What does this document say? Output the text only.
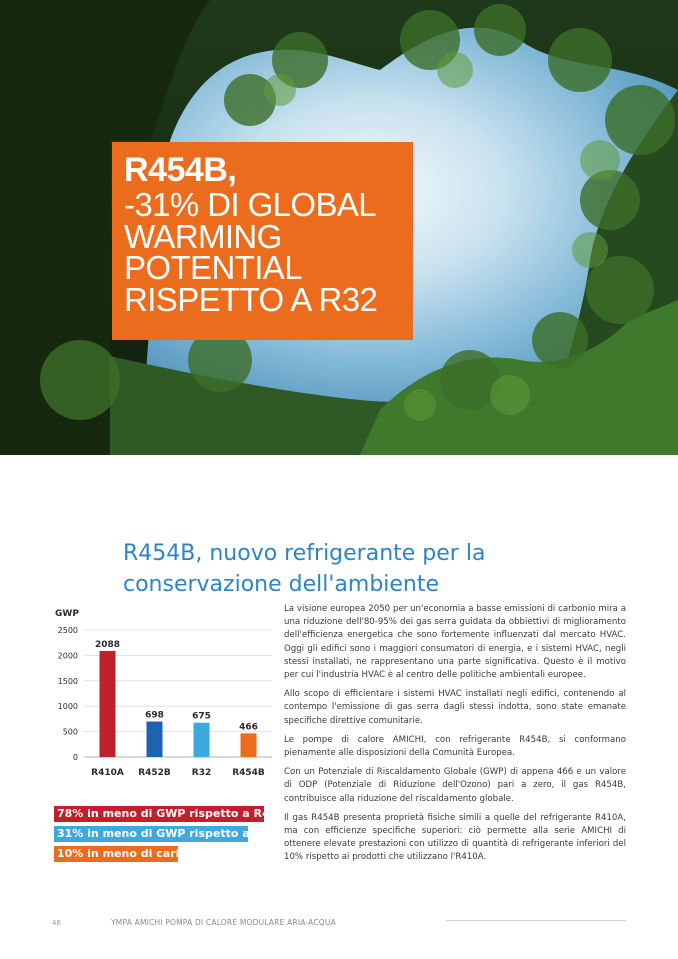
R454B,
-31% DI GLOBAL
WARMING
POTENTIAL
RISPETTO A R32
R454B, nuovo refrigerante per la conservazione dell'ambiente
GWP
0
500
1000
1500
2000
2500
2088
R410A
698
R452B
675
R32
466
R454B
78% in meno di GWP rispetto a R410A
31% in meno di GWP rispetto a R32
10% in meno di carica

La visione europea 2050 per un'economia a basse emissioni di carbonio mira a una riduzione dell'80-95% dei gas serra guidata da obbiettivi di miglioramento dell'efficienza energetica che sono fortemente influenzati dal mercato HVAC. Oggi gli edifici sono i maggiori consumatori di energia, e i sistemi HVAC, negli stessi installati, ne rappresentano una parte significativa. Questo è il motivo per cui l'industria HVAC è al centro delle politiche ambientali europee.

Allo scopo di efficientare i sistemi HVAC installati negli edifici, contenendo al contempo l'emissione di gas serra dagli stessi indotta, sono state emanate specifiche direttive comunitarie.

Le pompe di calore AMICHI, con refrigerante R454B, si conformano pienamente alle disposizioni della Comunità Europea.

Con un Potenziale di Riscaldamento Globale (GWP) di appena 466 e un valore di ODP (Potenziale di Riduzione dell'Ozono) pari a zero, il gas R454B, contribuisce alla riduzione del riscaldamento globale.

Il gas R454B presenta proprietà fisiche simili a quelle del refrigerante R410A, ma con efficienze specifiche superiori: ciò permette alla serie AMICHI di ottenere elevate prestazioni con utilizzo di quantità di refrigerante inferiori del 10% rispetto ai prodotti che utilizzano l'R410A.

46	YMPA AMICHI POMPA DI CALORE MODULARE ARIA-ACQUA
